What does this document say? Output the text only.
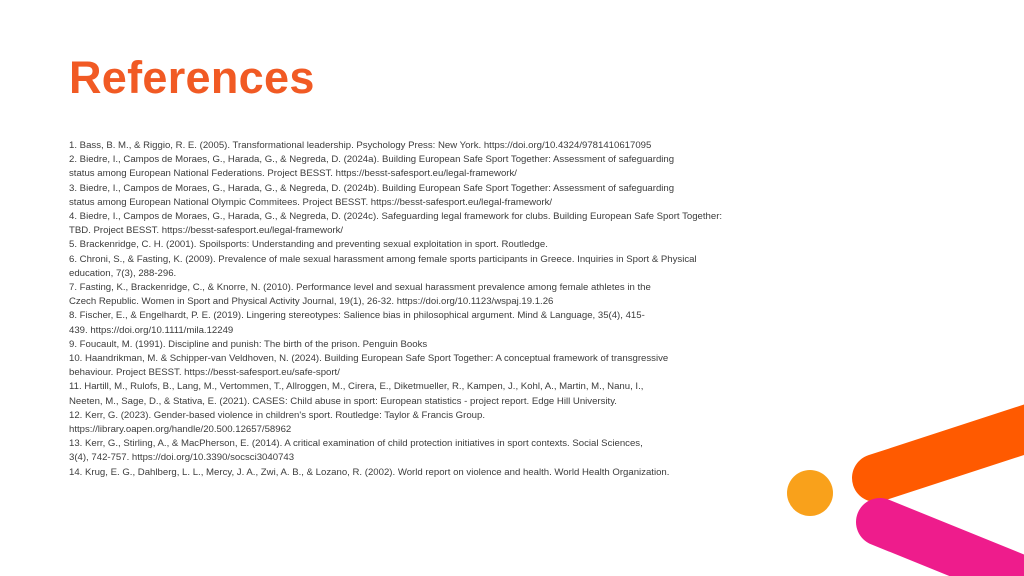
References
1. Bass, B. M., & Riggio, R. E. (2005). Transformational leadership. Psychology Press: New York. https://doi.org/10.4324/9781410617095
2. Biedre, I., Campos de Moraes, G., Harada, G., & Negreda, D. (2024a). Building European Safe Sport Together: Assessment of safeguarding
status among European National Federations. Project BESST. https://besst-safesport.eu/legal-framework/
3. Biedre, I., Campos de Moraes, G., Harada, G., & Negreda, D. (2024b). Building European Safe Sport Together: Assessment of safeguarding
status among European National Olympic Commitees. Project BESST. https://besst-safesport.eu/legal-framework/
4. Biedre, I., Campos de Moraes, G., Harada, G., & Negreda, D. (2024c). Safeguarding legal framework for clubs. Building European Safe Sport Together:
TBD. Project BESST. https://besst-safesport.eu/legal-framework/
5. Brackenridge, C. H. (2001). Spoilsports: Understanding and preventing sexual exploitation in sport. Routledge.
6. Chroni, S., & Fasting, K. (2009). Prevalence of male sexual harassment among female sports participants in Greece. Inquiries in Sport & Physical
education, 7(3), 288-296.
7. Fasting, K., Brackenridge, C., & Knorre, N. (2010). Performance level and sexual harassment prevalence among female athletes in the
Czech Republic. Women in Sport and Physical Activity Journal, 19(1), 26-32. https://doi.org/10.1123/wspaj.19.1.26
8. Fischer, E., & Engelhardt, P. E. (2019). Lingering stereotypes: Salience bias in philosophical argument. Mind & Language, 35(4), 415-
439. https://doi.org/10.1111/mila.12249
9. Foucault, M. (1991). Discipline and punish: The birth of the prison. Penguin Books
10. Haandrikman, M. & Schipper-van Veldhoven, N. (2024). Building European Safe Sport Together: A conceptual framework of transgressive
behaviour. Project BESST. https://besst-safesport.eu/safe-sport/
11. Hartill, M., Rulofs, B., Lang, M., Vertommen, T., Allroggen, M., Cirera, E., Diketmueller, R., Kampen, J., Kohl, A., Martin, M., Nanu, I.,
Neeten, M., Sage, D., & Stativa, E. (2021). CASES: Child abuse in sport: European statistics - project report. Edge Hill University.
12. Kerr, G. (2023). Gender-based violence in children's sport. Routledge: Taylor & Francis Group.
https://library.oapen.org/handle/20.500.12657/58962
13. Kerr, G., Stirling, A., & MacPherson, E. (2014). A critical examination of child protection initiatives in sport contexts. Social Sciences,
3(4), 742-757. https://doi.org/10.3390/socsci3040743
14. Krug, E. G., Dahlberg, L. L., Mercy, J. A., Zwi, A. B., & Lozano, R. (2002). World report on violence and health. World Health Organization.
